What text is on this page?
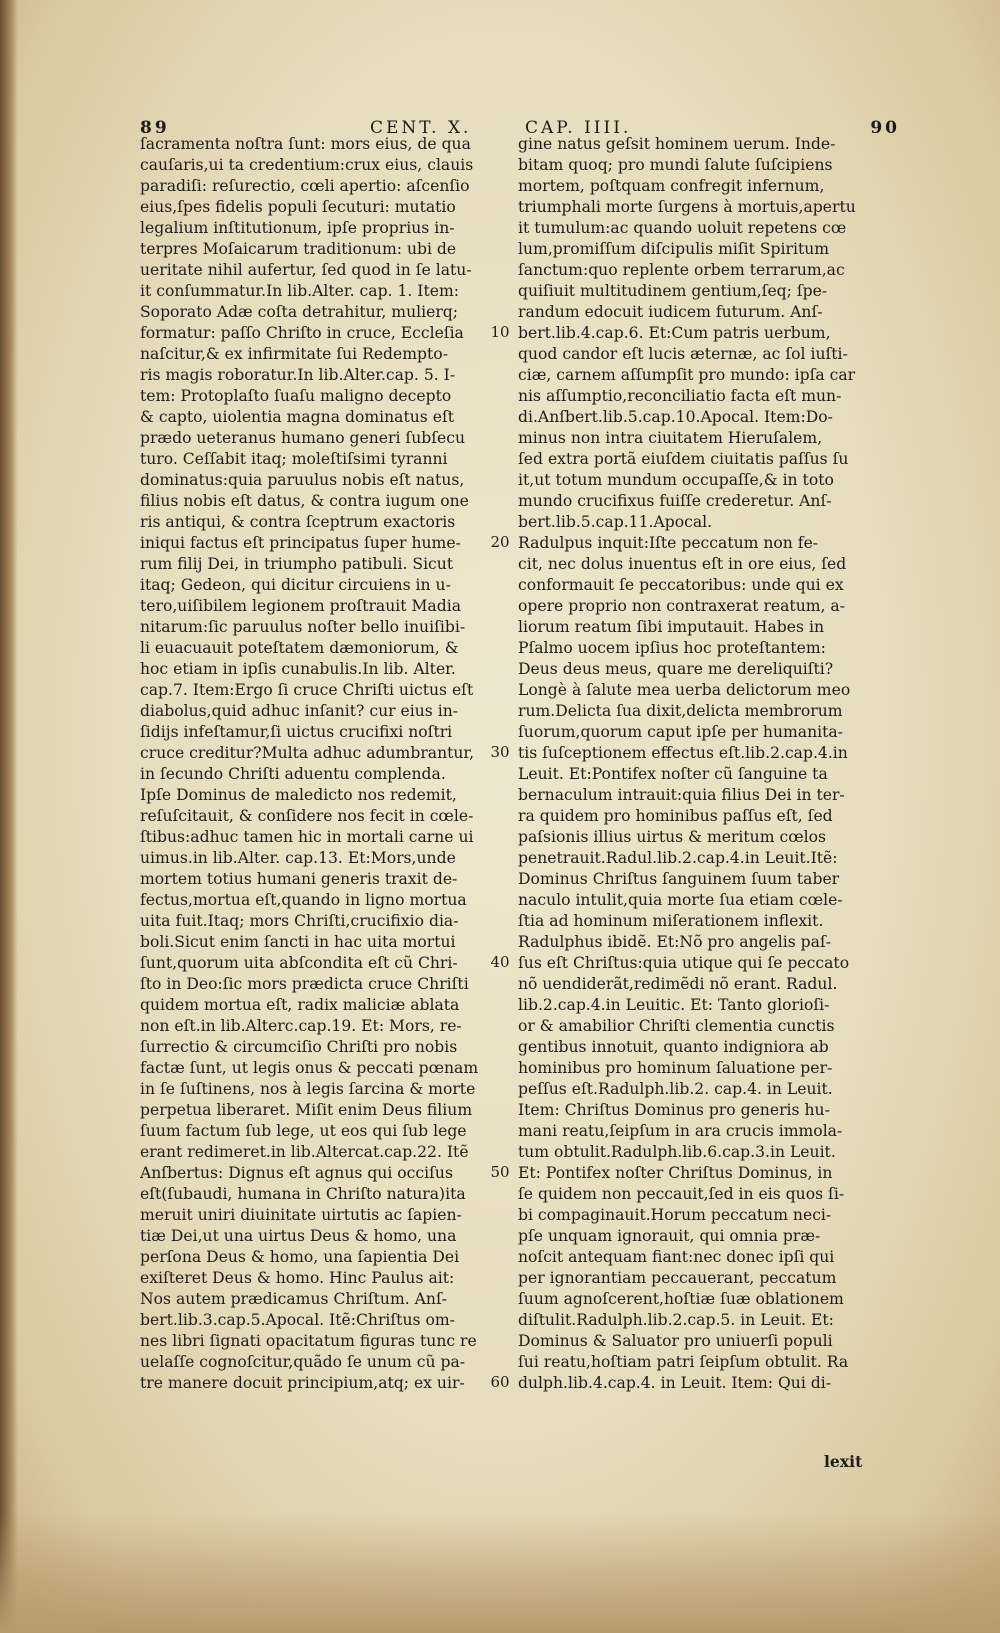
89	CENT. X.	CAP. IIII.	90
ſacramenta noſtra ſunt: mors eius, de qua
cauſaris,ui ta credentium:crux eius, clauis
paradiſi: reſurectio, cœli apertio: aſcenſio
eius,ſpes fidelis populi ſecuturi: mutatio
legalium inſtitutionum, ipſe proprius in-
terpres Moſaicarum traditionum: ubi de
ueritate nihil aufertur, ſed quod in ſe latu-
it conſummatur.In lib.Alter. cap. 1. Item:
Soporato Adæ coſta detrahitur, mulierq;
formatur: paſſo Chriſto in cruce, Eccleſia
naſcitur,& ex infirmitate ſui Redempto-
ris magis roboratur.In lib.Alter.cap. 5. I-
tem: Protoplaſto ſuaſu maligno decepto
& capto, uiolentia magna dominatus eſt
prædo ueteranus humano generi ſubſecu
turo. Ceſſabit itaq; moleſtiſsimi tyranni
dominatus:quia paruulus nobis eſt natus,
filius nobis eſt datus, & contra iugum one
ris antiqui, & contra ſceptrum exactoris
iniqui factus eſt principatus ſuper hume-
rum filij Dei, in triumpho patibuli. Sicut
itaq; Gedeon, qui dicitur circuiens in u-
tero,uiſibilem legionem proſtrauit Madia
nitarum:ſic paruulus noſter bello inuiſibi-
li euacuauit poteſtatem dæmoniorum, &
hoc etiam in ipſis cunabulis.In lib. Alter.
cap.7. Item:Ergo ſi cruce Chriſti uictus eſt
diabolus,quid adhuc inſanit? cur eius in-
ſidijs infeſtamur,ſi uictus crucifixi noſtri
cruce creditur?Multa adhuc adumbrantur,
in ſecundo Chriſti aduentu complenda.
Ipſe Dominus de maledicto nos redemit,
reſuſcitauit, & conſidere nos fecit in cœle-
ſtibus:adhuc tamen hic in mortali carne ui
uimus.in lib.Alter. cap.13. Et:Mors,unde
mortem totius humani generis traxit de-
fectus,mortua eſt,quando in ligno mortua
uita fuit.Itaq; mors Chriſti,crucifixio dia-
boli.Sicut enim ſancti in hac uita mortui
ſunt,quorum uita abſcondita eſt cũ Chri-
ſto in Deo:ſic mors prædicta cruce Chriſti
quidem mortua eſt, radix maliciæ ablata
non eſt.in lib.Alterc.cap.19. Et: Mors, re-
ſurrectio & circumciſio Chriſti pro nobis
factæ ſunt, ut legis onus & peccati pœnam
in ſe ſuſtinens, nos à legis ſarcina & morte
perpetua liberaret. Miſit enim Deus filium
ſuum factum ſub lege, ut eos qui ſub lege
erant redimeret.in lib.Altercat.cap.22. Itẽ
Anſbertus: Dignus eſt agnus qui occiſus
eſt(ſubaudi, humana in Chriſto natura)ita
meruit uniri diuinitate uirtutis ac ſapien-
tiæ Dei,ut una uirtus Deus & homo, una
perſona Deus & homo, una ſapientia Dei
exiſteret Deus & homo. Hinc Paulus ait:
Nos autem prædicamus Chriſtum. Anſ-
bert.lib.3.cap.5.Apocal. Itẽ:Chriſtus om-
nes libri ſignati opacitatum figuras tunc re
uelaſſe cognoſcitur,quãdo ſe unum cũ pa-
tre manere docuit principium,atq; ex uir-
gine natus geſsit hominem uerum. Inde-
bitam quoq; pro mundi ſalute ſuſcipiens
mortem, poſtquam confregit infernum,
triumphali morte ſurgens à mortuis,apertu
it tumulum:ac quando uoluit repetens cœ
lum,promiſſum diſcipulis miſit Spiritum
ſanctum:quo replente orbem terrarum,ac
quiſiuit multitudinem gentium,ſeq; ſpe-
randum edocuit iudicem futurum. Anſ-
bert.lib.4.cap.6. Et:Cum patris uerbum,
quod candor eſt lucis æternæ, ac ſol iuſti-
ciæ, carnem aſſumpſit pro mundo: ipſa car
nis aſſumptio,reconciliatio facta eſt mun-
di.Anſbert.lib.5.cap.10.Apocal. Item:Do-
minus non intra ciuitatem Hieruſalem,
ſed extra portã eiuſdem ciuitatis paſſus ſu
it,ut totum mundum occupaſſe,& in toto
mundo crucifixus fuiſſe crederetur. Anſ-
bert.lib.5.cap.11.Apocal.
Radulpus inquit:Iſte peccatum non fe-
cit, nec dolus inuentus eſt in ore eius, ſed
conformauit ſe peccatoribus: unde qui ex
opere proprio non contraxerat reatum, a-
liorum reatum ſibi imputauit. Habes in
Pſalmo uocem ipſius hoc proteſtantem:
Deus deus meus, quare me dereliquiſti?
Longè à ſalute mea uerba delictorum meo
rum.Delicta ſua dixit,delicta membrorum
ſuorum,quorum caput ipſe per humanita-
tis ſuſceptionem effectus eſt.lib.2.cap.4.in
Leuit. Et:Pontifex noſter cũ ſanguine ta
bernaculum intrauit:quia filius Dei in ter-
ra quidem pro hominibus paſſus eſt, ſed
paſsionis illius uirtus & meritum cœlos
penetrauit.Radul.lib.2.cap.4.in Leuit.Itẽ:
Dominus Chriſtus ſanguinem ſuum taber
naculo intulit,quia morte ſua etiam cœle-
ſtia ad hominum miſerationem inflexit.
Radulphus ibidẽ. Et:Nõ pro angelis paſ-
ſus eſt Chriſtus:quia utique qui ſe peccato
nõ uendiderãt,redimẽdi nõ erant. Radul.
lib.2.cap.4.in Leuitic. Et: Tanto glorioſi-
or & amabilior Chriſti clementia cunctis
gentibus innotuit, quanto indigniora ab
hominibus pro hominum ſaluatione per-
peſſus eſt.Radulph.lib.2. cap.4. in Leuit.
Item: Chriſtus Dominus pro generis hu-
mani reatu,ſeipſum in ara crucis immola-
tum obtulit.Radulph.lib.6.cap.3.in Leuit.
Et: Pontifex noſter Chriſtus Dominus, in
ſe quidem non peccauit,ſed in eis quos ſi-
bi compaginauit.Horum peccatum neci-
pſe unquam ignorauit, qui omnia præ-
noſcit antequam fiant:nec donec ipſi qui
per ignorantiam peccauerant, peccatum
ſuum agnoſcerent,hoſtiæ ſuæ oblationem
diſtulit.Radulph.lib.2.cap.5. in Leuit. Et:
Dominus & Saluator pro uniuerſi populi
ſui reatu,hoſtiam patri ſeipſum obtulit. Ra
dulph.lib.4.cap.4. in Leuit. Item: Qui di-
10
20
30
40
50
60
lexit
